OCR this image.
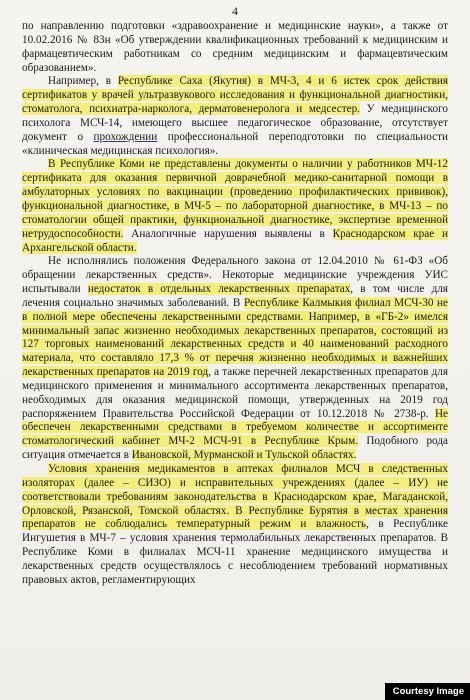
4

по направлению подготовки «здравоохранение и медицинские науки», а также от 10.02.2016 № 83н «Об утверждении квалификационных требований к медицинским и фармацевтическим работникам со средним медицинским и фармацевтическим образованием».

Например, в Республике Саха (Якутия) в МЧ-3, 4 и 6 истек срок действия сертификатов у врачей ультразвукового исследования и функциональной диагностики, стоматолога, психиатра-нарколога, дерматовенеролога и медсестер. У медицинского психолога МСЧ-14, имеющего высшее педагогическое образование, отсутствует документ о прохождении профессиональной переподготовки по специальности «клиническая медицинская психология».

В Республике Коми не представлены документы о наличии у работников МЧ-12 сертификата для оказания первичной доврачебной медико-санитарной помощи в амбулаторных условиях по вакцинации (проведению профилактических прививок), функциональной диагностике, в МЧ-5 – по лабораторной диагностике, в МЧ-13 – по стоматологии общей практики, функциональной диагностике, экспертизе временной нетрудоспособности. Аналогичные нарушения выявлены в Краснодарском крае и Архангельской области.

Не исполнялись положения Федерального закона от 12.04.2010 № 61-ФЗ «Об обращении лекарственных средств». Некоторые медицинские учреждения УИС испытывали недостаток в отдельных лекарственных препаратах, в том числе для лечения социально значимых заболеваний. В Республике Калмыкия филиал МСЧ-30 не в полной мере обеспечены лекарственными средствами. Например, в «ГБ-2» имелся минимальный запас жизненно необходимых лекарственных препаратов, состоящий из 127 торговых наименований лекарственных средств и 40 наименований расходного материала, что составляло 17,3 % от перечня жизненно необходимых и важнейших лекарственных препаратов на 2019 год, а также перечней лекарственных препаратов для медицинского применения и минимального ассортимента лекарственных препаратов, необходимых для оказания медицинской помощи, утвержденных на 2019 год распоряжением Правительства Российской Федерации от 10.12.2018 № 2738-р. Не обеспечен лекарственными средствами в требуемом количестве и ассортименте стоматологический кабинет МЧ-2 МСЧ-91 в Республике Крым. Подобного рода ситуация отмечается в Ивановской, Мурманской и Тульской областях.

Условия хранения медикаментов в аптеках филиалов МСЧ в следственных изоляторах (далее – СИЗО) и исправительных учреждениях (далее – ИУ) не соответствовали требованиям законодательства в Краснодарском крае, Магаданской, Орловской, Рязанской, Томской областях. В Республике Бурятия в местах хранения препаратов не соблюдались температурный режим и влажность, в Республике Ингушетия в МЧ-7 – условия хранения термолабильных лекарственных препаратов. В Республике Коми в филиалах МСЧ-11 хранение медицинского имущества и лекарственных средств осуществлялось с несоблюдением требований нормативных правовых актов, регламентирующих

Courtesy Image
